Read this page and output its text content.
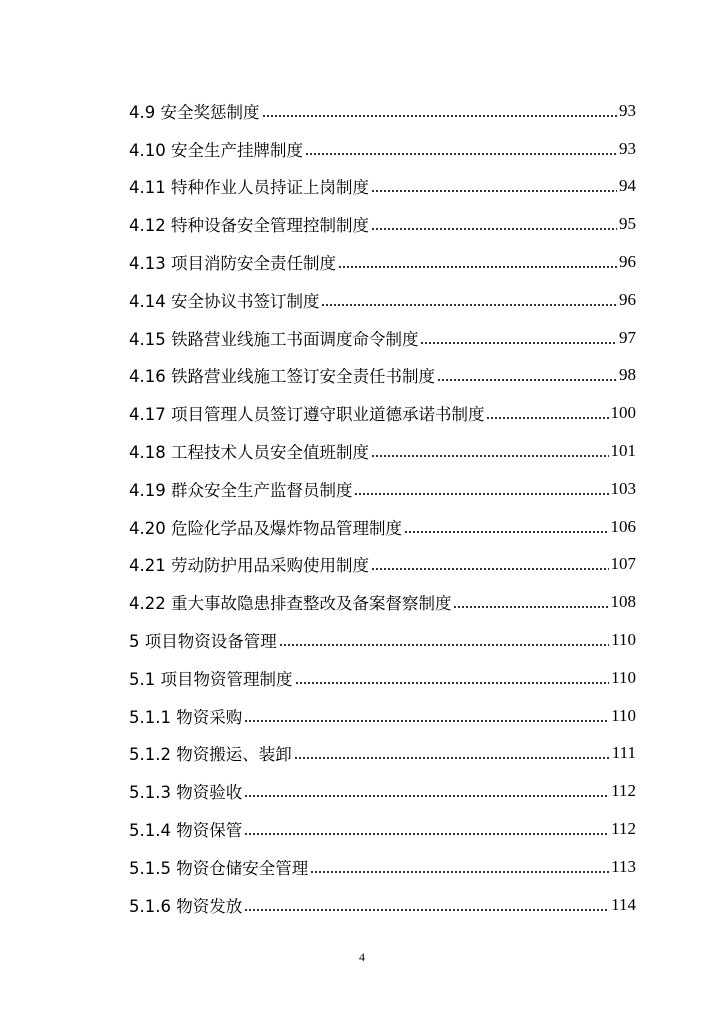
4.9 安全奖惩制度	93
4.10 安全生产挂牌制度	93
4.11 特种作业人员持证上岗制度	94
4.12 特种设备安全管理控制制度	95
4.13 项目消防安全责任制度	96
4.14 安全协议书签订制度	96
4.15 铁路营业线施工书面调度命令制度	97
4.16 铁路营业线施工签订安全责任书制度	98
4.17 项目管理人员签订遵守职业道德承诺书制度	100
4.18 工程技术人员安全值班制度	101
4.19 群众安全生产监督员制度	103
4.20 危险化学品及爆炸物品管理制度	106
4.21 劳动防护用品采购使用制度	107
4.22 重大事故隐患排查整改及备案督察制度	108
5 项目物资设备管理	110
5.1 项目物资管理制度	110
5.1.1 物资采购	110
5.1.2 物资搬运、装卸	111
5.1.3 物资验收	112
5.1.4 物资保管	112
5.1.5 物资仓储安全管理	113
5.1.6 物资发放	114
4
